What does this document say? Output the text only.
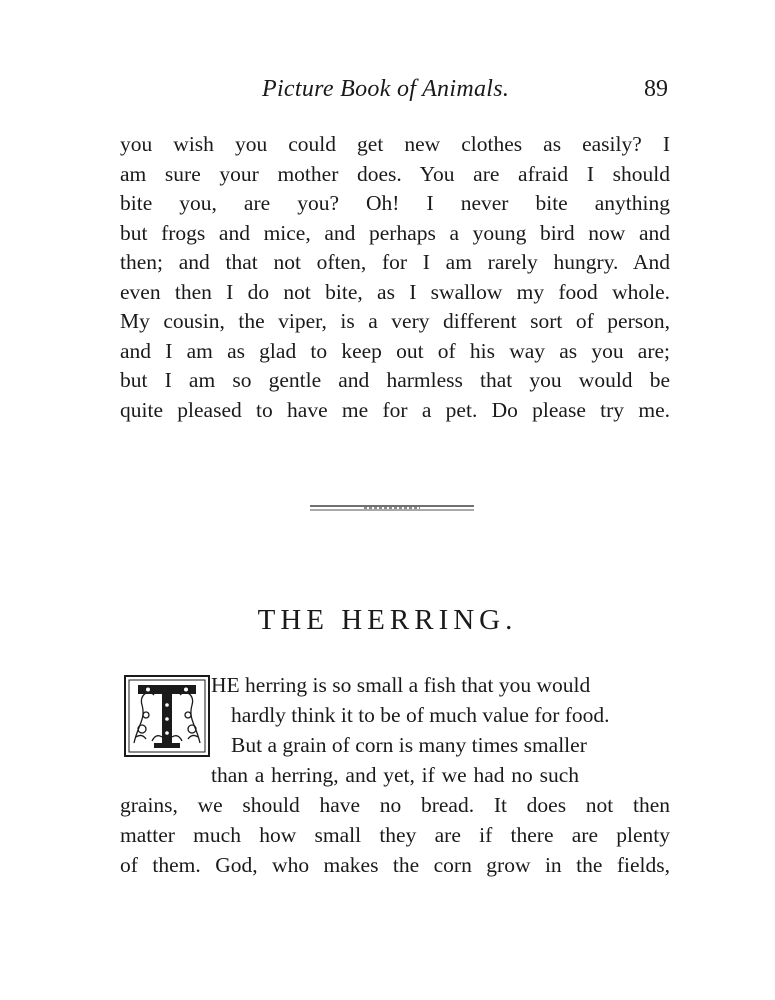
Picture Book of Animals.	89
you wish you could get new clothes as easily? I
am sure your mother does. You are afraid I should
bite you, are you? Oh! I never bite anything
but frogs and mice, and perhaps a young bird now and
then; and that not often, for I am rarely hungry. And
even then I do not bite, as I swallow my food whole.
My cousin, the viper, is a very different sort of person,
and I am as glad to keep out of his way as you are;
but I am so gentle and harmless that you would be
quite pleased to have me for a pet. Do please try me.
THE HERRING.
HE herring is so small a fish that you would
hardly think it to be of much value for food.
But a grain of corn is many times smaller
than a herring, and yet, if we had no such
grains, we should have no bread. It does not then
matter much how small they are if there are plenty
of them. God, who makes the corn grow in the fields,
